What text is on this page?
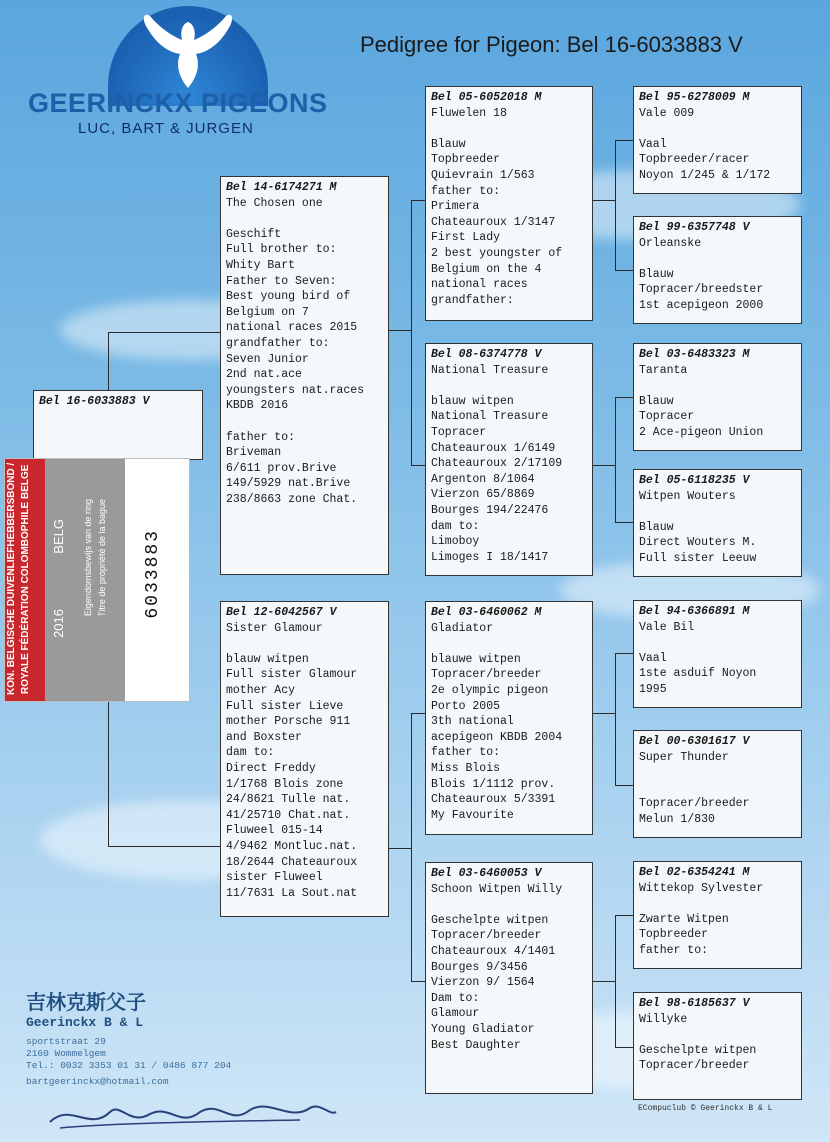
GEERINCKX PIGEONS
LUC, BART & JURGEN
Pedigree for Pigeon: Bel 16-6033883 V
Bel 16-6033883 V
Bel 14-6174271 M
The Chosen one
Geschift
Full brother to:
Whity Bart
Father to Seven:
Best young bird of
Belgium on 7
national races 2015
grandfather to:
Seven Junior
2nd nat.ace
youngsters nat.races
KBDB 2016
father to:
Briveman
6/611 prov.Brive
149/5929 nat.Brive
238/8663 zone Chat.
Bel 12-6042567 V
Sister Glamour
blauw witpen
Full sister Glamour
mother Acy
Full sister Lieve
mother Porsche 911
and Boxster
dam to:
Direct Freddy
1/1768 Blois zone
24/8621 Tulle nat.
41/25710 Chat.nat.
Fluweel 015-14
4/9462 Montluc.nat.
18/2644 Chateauroux
sister Fluweel
11/7631 La Sout.nat
Bel 05-6052018 M
Fluwelen 18
Blauw
Topbreeder
Quievrain 1/563
father to:
Primera
Chateauroux 1/3147
First Lady
2 best youngster of
Belgium on the 4
national races
grandfather:
Bel 08-6374778 V
National Treasure
blauw witpen
National Treasure
Topracer
Chateauroux 1/6149
Chateauroux 2/17109
Argenton 8/1064
Vierzon 65/8869
Bourges 194/22476
dam to:
Limoboy
Limoges I 18/1417
Bel 03-6460062 M
Gladiator
blauwe witpen
Topracer/breeder
2e olympic pigeon
Porto 2005
3th national
acepigeon KBDB 2004
father to:
Miss Blois
Blois 1/1112 prov.
Chateauroux 5/3391
My Favourite
Bel 03-6460053 V
Schoon Witpen Willy
Geschelpte witpen
Topracer/breeder
Chateauroux 4/1401
Bourges 9/3456
Vierzon 9/ 1564
Dam to:
Glamour
Young Gladiator
Best Daughter
Bel 95-6278009 M
Vale 009
Vaal
Topbreeder/racer
Noyon 1/245 & 1/172
Bel 99-6357748 V
Orleanske
Blauw
Topracer/breedster
1st acepigeon 2000
Bel 03-6483323 M
Taranta
Blauw
Topracer
2 Ace-pigeon Union
Bel 05-6118235 V
Witpen Wouters
Blauw
Direct Wouters M.
Full sister Leeuw
Bel 94-6366891 M
Vale Bil
Vaal
1ste asduif Noyon
1995
Bel 00-6301617 V
Super Thunder
Topracer/breeder
Melun 1/830
Bel 02-6354241 M
Wittekop Sylvester
Zwarte Witpen
Topbreeder
father to:
Bel 98-6185637 V
Willyke
Geschelpte witpen
Topracer/breeder
KON. BELGISCHE DUIVENLIEFHEBBERSBOND / ROYALE FÉDÉRATION COLOMBOPHILE BELGE	2016
BELG Eigendomsbewijs van de ring Titre de propriété de la bague 6033883
吉林克斯父子
Geerinckx B & L
sportstraat 29
2160 Wommelgem
Tel.: 0032 3353 01 31 / 0486 877 204
bartgeerinckx@hotmail.com
ECompuclub © Geerinckx B & L
